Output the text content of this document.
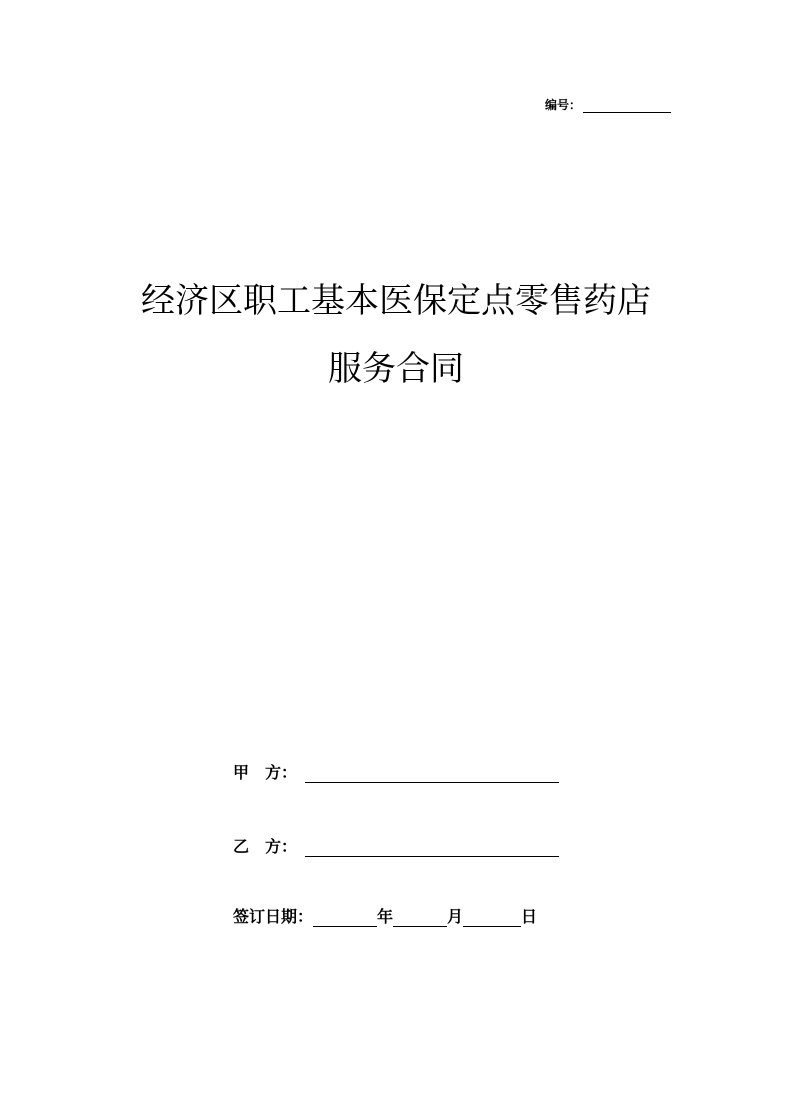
编号：
经济区职工基本医保定点零售药店
服务合同
甲　方：
乙　方：
签订日期：	年	月	日
